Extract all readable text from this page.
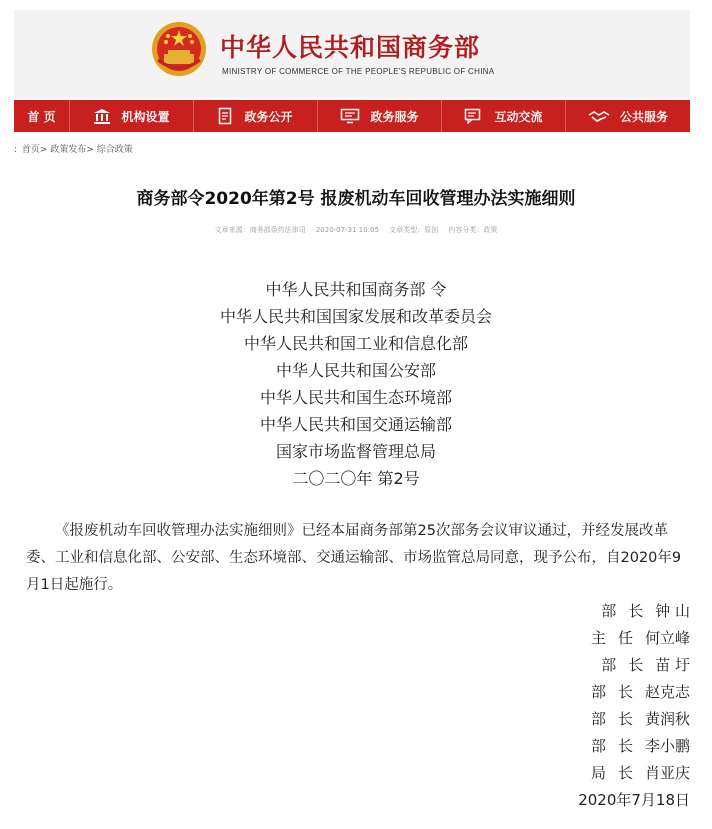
中华人民共和国商务部
MINISTRY OF COMMERCE OF THE PEOPLE'S REPUBLIC OF CHINA
首 页	机构设置	政务公开	政务服务	互动交流	公共服务
: 首页> 政策发布> 综合政策
商务部令2020年第2号 报废机动车回收管理办法实施细则
文章来源：商务部条约法律司 2020-07-31 10:05 文章类型：原创 内容分类：政策
中华人民共和国商务部 令
中华人民共和国国家发展和改革委员会
中华人民共和国工业和信息化部
中华人民共和国公安部
中华人民共和国生态环境部
中华人民共和国交通运输部
国家市场监督管理总局
二〇二〇年 第2号

《报废机动车回收管理办法实施细则》已经本届商务部第25次部务会议审议通过，并经发展改革委、工业和信息化部、公安部、生态环境部、交通运输部、市场监管总局同意，现予公布，自2020年9月1日起施行。

部长钟 山
主任何立峰
部长苗 圩
部长赵克志
部长黄润秋
部长李小鹏
局长肖亚庆
2020年7月18日
